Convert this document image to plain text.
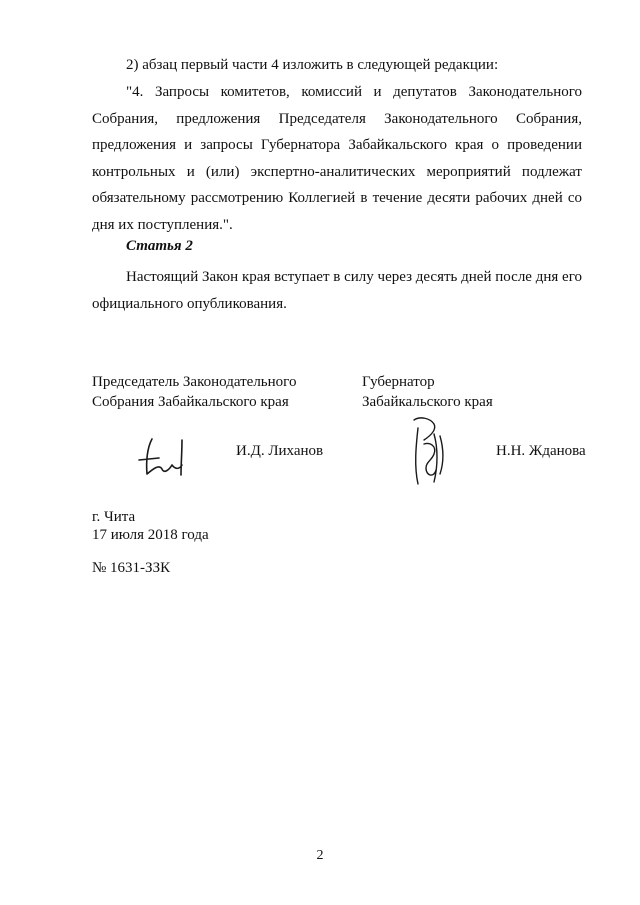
2) абзац первый части 4 изложить в следующей редакции:

"4. Запросы комитетов, комиссий и депутатов Законодательного Собрания, предложения Председателя Законодательного Собрания, предложения и запросы Губернатора Забайкальского края о проведении контрольных и (или) экспертно-аналитических мероприятий подлежат обязательному рассмотрению Коллегией в течение десяти рабочих дней со дня их поступления.".

Статья 2

Настоящий Закон края вступает в силу через десять дней после дня его официального опубликования.

Председатель Законодательного
Собрания Забайкальского края
Губернатор
Забайкальского края
И.Д. Лиханов	Н.Н. Жданова
г. Чита
17 июля 2018 года
№ 1631-ЗЗК
2
